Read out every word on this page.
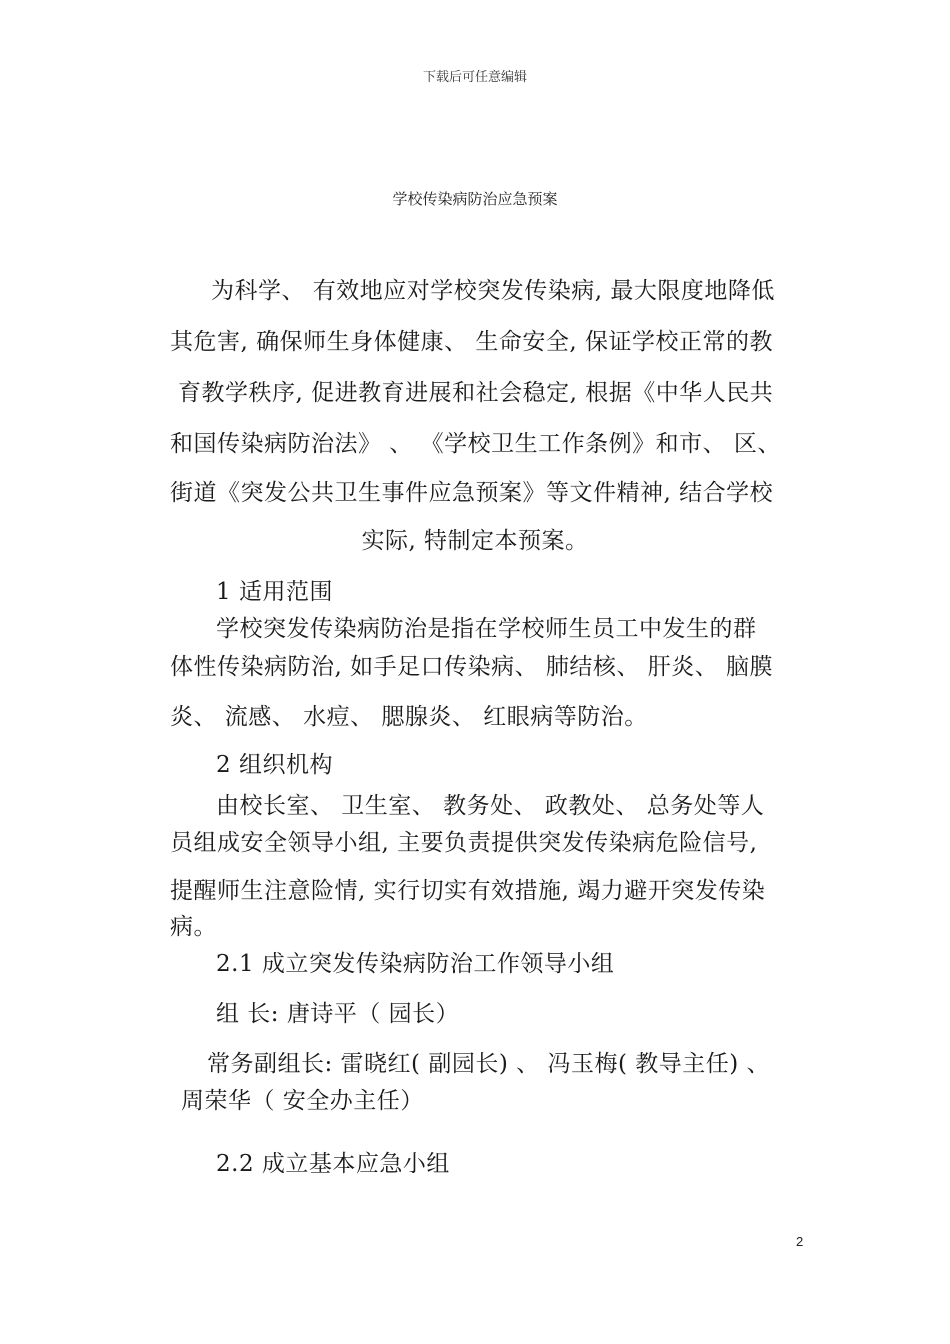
下载后可任意编辑
学校传染病防治应急预案
为科学、 有效地应对学校突发传染病, 最大限度地降低
其危害, 确保师生身体健康、 生命安全, 保证学校正常的教
育教学秩序, 促进教育进展和社会稳定, 根据《中华人民共
和国传染病防治法》 、 《学校卫生工作条例》和市、 区、
街道《突发公共卫生事件应急预案》等文件精神, 结合学校
实际, 特制定本预案。
1 适用范围
学校突发传染病防治是指在学校师生员工中发生的群
体性传染病防治, 如手足口传染病、 肺结核、 肝炎、 脑膜
炎、 流感、 水痘、 腮腺炎、 红眼病等防治。
2 组织机构
由校长室、 卫生室、 教务处、 政教处、 总务处等人
员组成安全领导小组, 主要负责提供突发传染病危险信号,
提醒师生注意险情, 实行切实有效措施, 竭力避开突发传染
病。
2.1 成立突发传染病防治工作领导小组
组 长: 唐诗平（ 园长）
常务副组长: 雷晓红( 副园长) 、 冯玉梅( 教导主任) 、
周荣华（ 安全办主任）
2.2 成立基本应急小组
2
